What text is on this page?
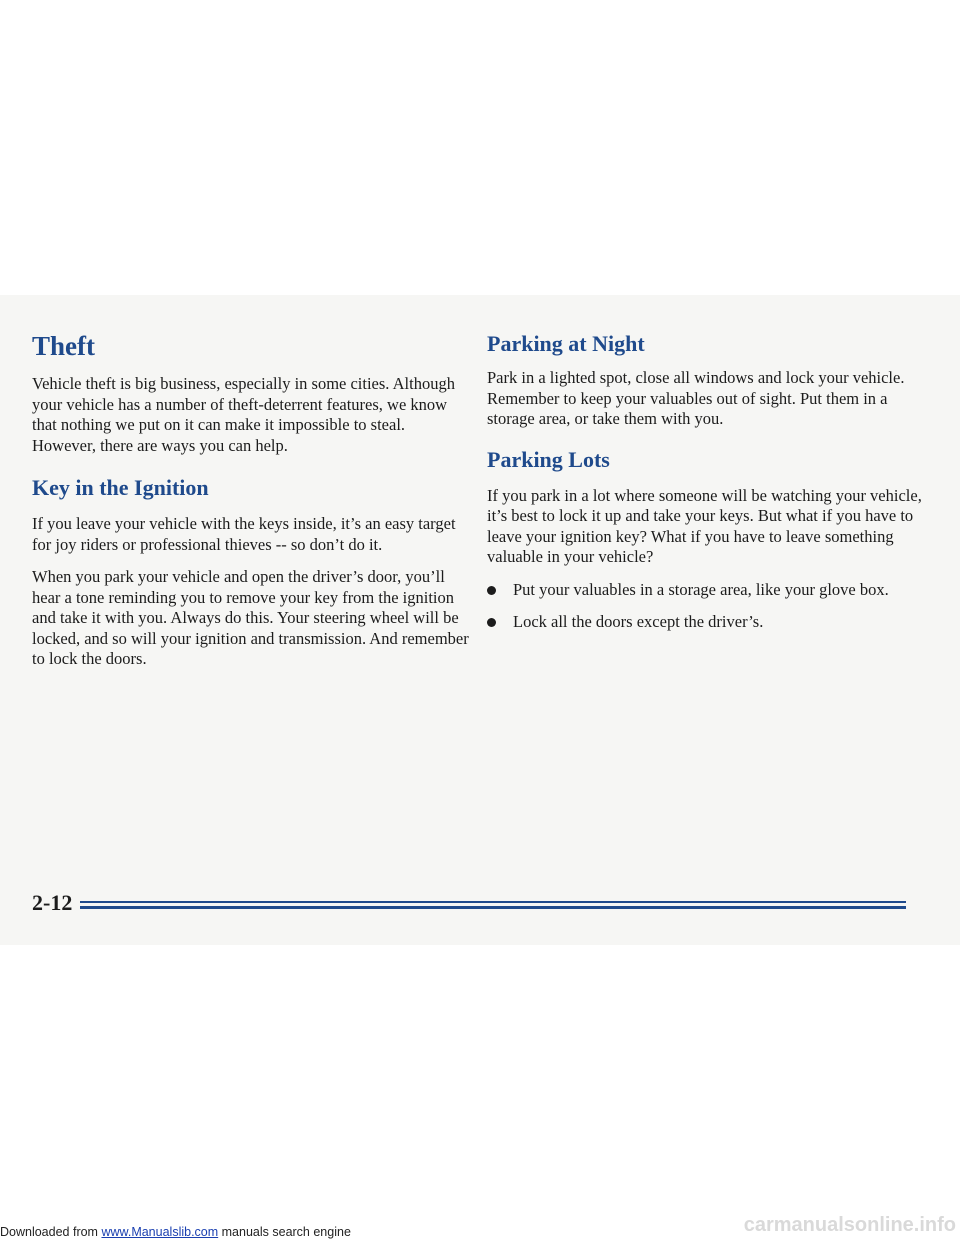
Theft

Vehicle theft is big business, especially in some cities. Although your vehicle has a number of theft-deterrent features, we know that nothing we put on it can make it impossible to steal. However, there are ways you can help.

Key in the Ignition

If you leave your vehicle with the keys inside, it’s an easy target for joy riders or professional thieves -- so don’t do it.

When you park your vehicle and open the driver’s door, you’ll hear a tone reminding you to remove your key from the ignition and take it with you. Always do this. Your steering wheel will be locked, and so will your ignition and transmission. And remember to lock the doors.

Parking at Night

Park in a lighted spot, close all windows and lock your vehicle. Remember to keep your valuables out of sight. Put them in a storage area, or take them with you.

Parking Lots

If you park in a lot where someone will be watching your vehicle, it’s best to lock it up and take your keys. But what if you have to leave your ignition key? What if you have to leave something valuable in your vehicle?

Put your valuables in a storage area, like your glove box.
Lock all the doors except the driver’s.
2-12
Downloaded from www.Manualslib.com manuals search engine	carmanualsonline.info
